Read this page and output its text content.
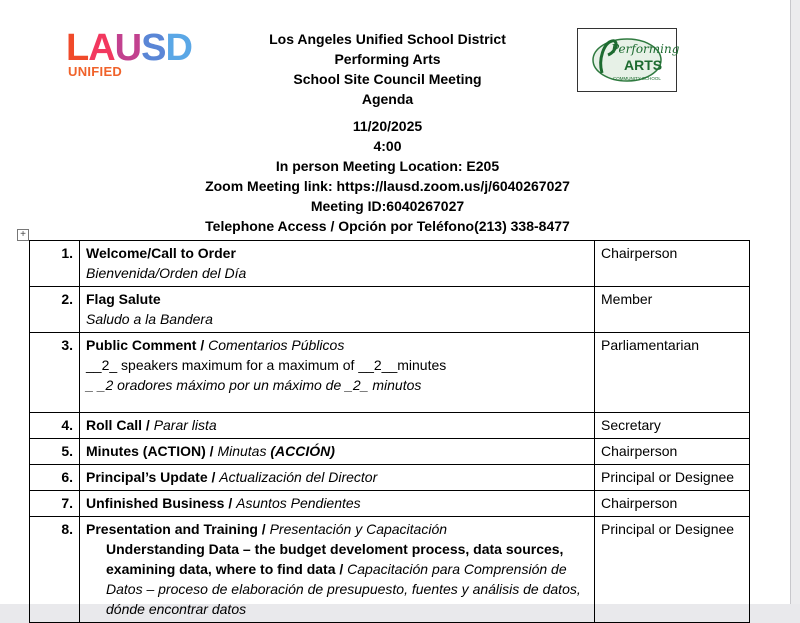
LAUSD
UNIFIED
Los Angeles Unified School District
Performing Arts
School Site Council Meeting
Agenda
Performing
ARTS
COMMUNITY SCHOOL
11/20/2025
4:00
In person Meeting Location: E205
Zoom Meeting link: https://lausd.zoom.us/j/6040267027
Meeting ID:6040267027
Telephone Access / Opción por Teléfono(213) 338-8477
+
1.	Welcome/Call to Order
Bienvenida/Orden del Día	Chairperson
2.	Flag Salute
Saludo a la Bandera	Member
3.	Public Comment / Comentarios Públicos
__2_ speakers maximum for a maximum of __2__minutes
_ _2 oradores máximo por un máximo de _2_ minutos	Parliamentarian
4.	Roll Call / Parar lista	Secretary
5.	Minutes (ACTION) / Minutas (ACCIÓN)	Chairperson
6.	Principal’s Update / Actualización del Director	Principal or Designee
7.	Unfinished Business / Asuntos Pendientes	Chairperson
8.	Presentation and Training / Presentación y Capacitación
Understanding Data – the budget develoment process, data sources, examining data, where to find data / Capacitación para Comprensión de Datos – proceso de elaboración de presupuesto, fuentes y análisis de datos, dónde encontrar datos	Principal or Designee
